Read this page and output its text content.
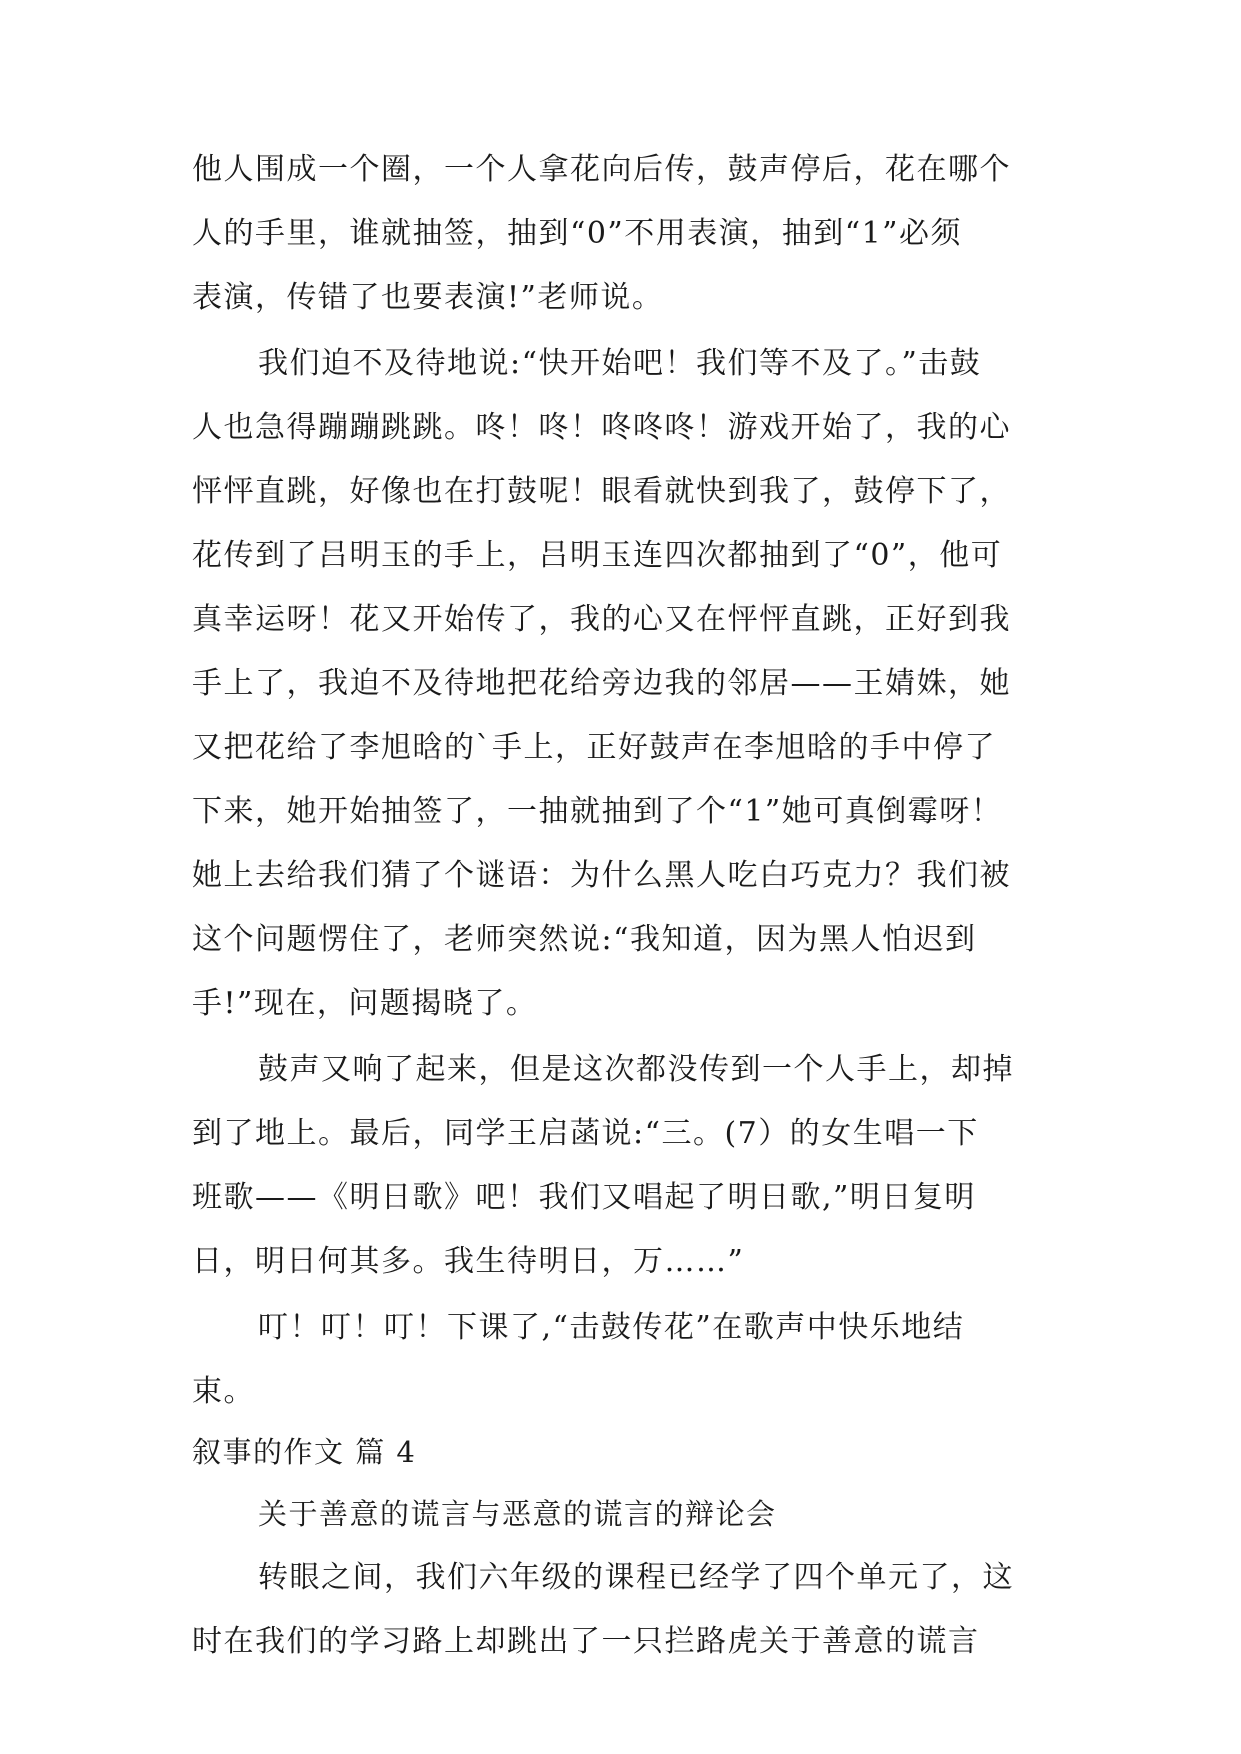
他人围成一个圈，一个人拿花向后传，鼓声停后，花在哪个
人的手里，谁就抽签，抽到“0”不用表演，抽到“1”必须
表演，传错了也要表演!”老师说。
我们迫不及待地说:“快开始吧！我们等不及了。”击鼓
人也急得蹦蹦跳跳。咚！咚！咚咚咚！游戏开始了，我的心
怦怦直跳，好像也在打鼓呢！眼看就快到我了，鼓停下了，
花传到了吕明玉的手上，吕明玉连四次都抽到了“0”，他可
真幸运呀！花又开始传了，我的心又在怦怦直跳，正好到我
手上了，我迫不及待地把花给旁边我的邻居——王婧姝，她
又把花给了李旭晗的`手上，正好鼓声在李旭晗的手中停了
下来，她开始抽签了，一抽就抽到了个“1”她可真倒霉呀！
她上去给我们猜了个谜语：为什么黑人吃白巧克力？我们被
这个问题愣住了，老师突然说:“我知道，因为黑人怕迟到
手!”现在，问题揭晓了。
鼓声又响了起来，但是这次都没传到一个人手上，却掉
到了地上。最后，同学王启菡说:“三。(7）的女生唱一下
班歌——《明日歌》吧！我们又唱起了明日歌,”明日复明
日，明日何其多。我生待明日，万……”
叮！叮！叮！下课了,“击鼓传花”在歌声中快乐地结
束。
叙事的作文 篇 4
关于善意的谎言与恶意的谎言的辩论会
转眼之间，我们六年级的课程已经学了四个单元了，这
时在我们的学习路上却跳出了一只拦路虎关于善意的谎言
